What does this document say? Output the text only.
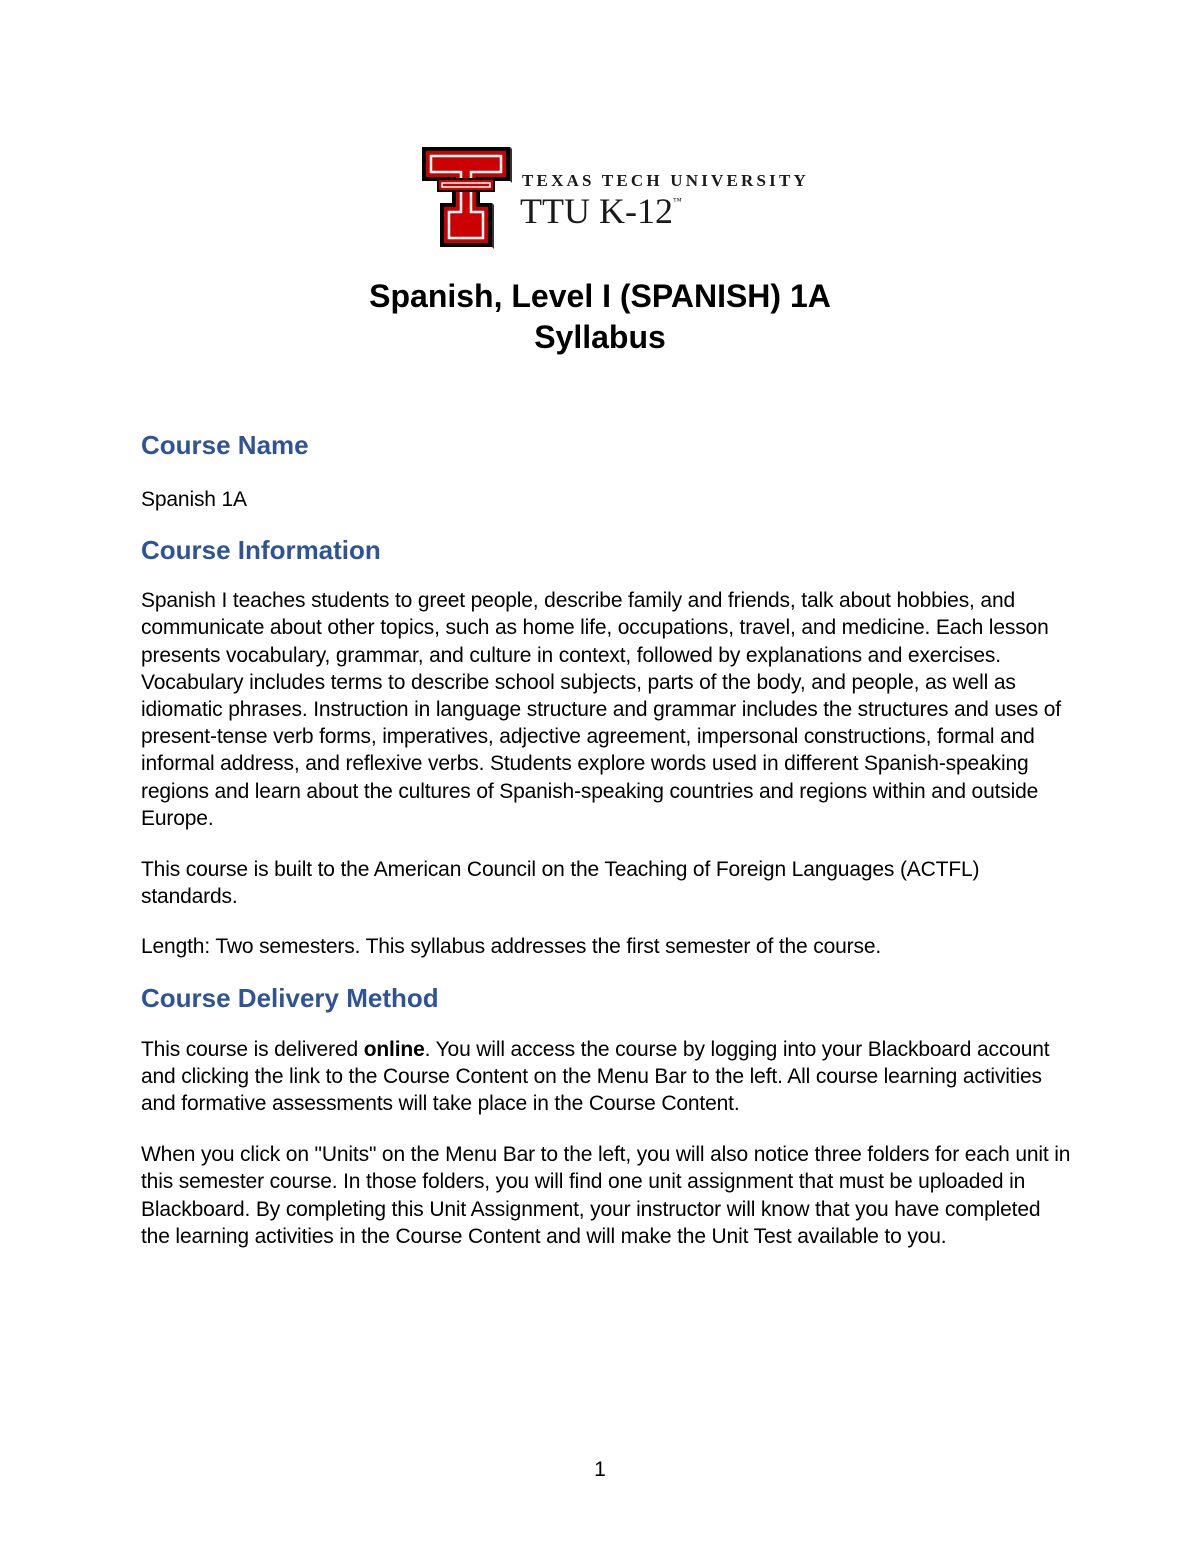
TEXAS TECH UNIVERSITY
TTU K-12™
Spanish, Level I (SPANISH) 1A
Syllabus
Course Name

Spanish 1A

Course Information

Spanish I teaches students to greet people, describe family and friends, talk about hobbies, and communicate about other topics, such as home life, occupations, travel, and medicine. Each lesson presents vocabulary, grammar, and culture in context, followed by explanations and exercises. Vocabulary includes terms to describe school subjects, parts of the body, and people, as well as idiomatic phrases. Instruction in language structure and grammar includes the structures and uses of present-tense verb forms, imperatives, adjective agreement, impersonal constructions, formal and informal address, and reflexive verbs. Students explore words used in different Spanish-speaking regions and learn about the cultures of Spanish-speaking countries and regions within and outside Europe.

This course is built to the American Council on the Teaching of Foreign Languages (ACTFL) standards.

Length: Two semesters. This syllabus addresses the first semester of the course.

Course Delivery Method

This course is delivered online. You will access the course by logging into your Blackboard account and clicking the link to the Course Content on the Menu Bar to the left. All course learning activities and formative assessments will take place in the Course Content.

When you click on "Units" on the Menu Bar to the left, you will also notice three folders for each unit in this semester course. In those folders, you will find one unit assignment that must be uploaded in Blackboard. By completing this Unit Assignment, your instructor will know that you have completed the learning activities in the Course Content and will make the Unit Test available to you.

1
